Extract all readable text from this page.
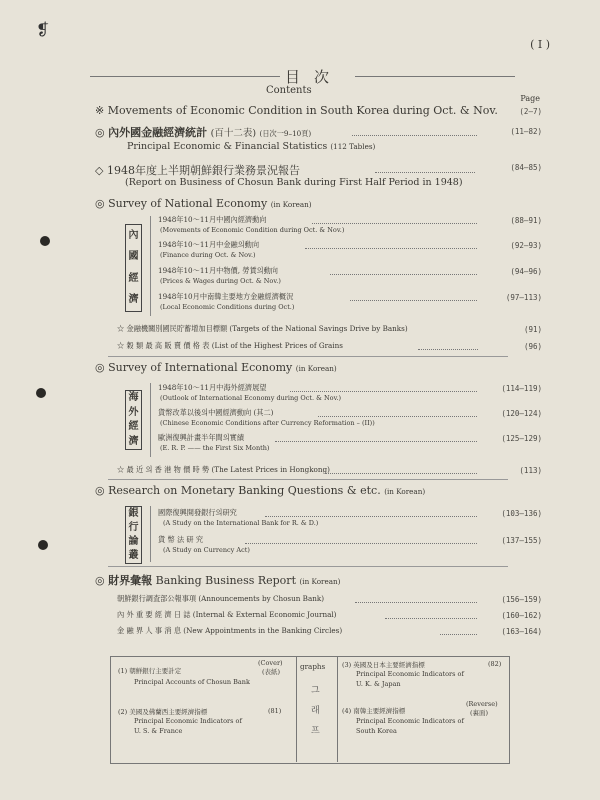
❡
( I )
目次
Contents
Page
※ Movements of Economic Condition in South Korea during Oct. & Nov.	(2–7)
◎ 內外國金融經濟統計 (百十二表) (日次一9–10頁)	(11–82)
Principal Economic & Financial Statistics (112 Tables)
◇ 1948年度上半期朝鮮銀行業務景況報告	(84–85)
(Report on Business of Chosun Bank during First Half Period in 1948)
◎ Survey of National Economy (in Korean)
內
國
經
濟
1948年10～11月中國內經濟動向	(88–91)
(Movements of Economic Condition during Oct. & Nov.)
1948年10～11月中金融의動向	(92–93)
(Finance during Oct. & Nov.)
1948年10～11月中物價, 勞賃의動向	(94–96)
(Prices & Wages during Oct. & Nov.)
1948年10月中南韓主要地方金融經濟概況	(97–113)
(Local Economic Conditions during Oct.)
☆ 金融機關別國民貯蓄增加目標額 (Targets of the National Savings Drive by Banks)	(91)
☆ 穀 類 最 高 販 賣 價 格 表 (List of the Highest Prices of Grains	(96)
◎ Survey of International Economy (in Korean)
海
外
經
濟
1948年10～11月中海外經濟展望	(114–119)
(Outlook of International Economy during Oct. & Nov.)
貨幣改革以後의中國經濟動向 (其二)	(120–124)
(Chinese Economic Conditions after Currency Reformation – (II))
歐洲復興計畫半年間의實績	(125–129)
(E. R. P. —— the First Six Month)
☆ 最 近 의 香 港 物 價 時 勢 (The Latest Prices in Hongkong)	(113)
◎ Research on Monetary Banking Questions & etc. (in Korean)
銀
行
論
叢
國際復興開發銀行의研究	(103–136)
(A Study on the International Bank for R. & D.)
貨 幣 法 研 究	(137–155)
(A Study on Currency Act)
◎ 財界彙報 Banking Business Report (in Korean)
朝鮮銀行調査部公報事項 (Announcements by Chosun Bank)	(156–159)
內 外 重 要 經 濟 日 誌 (Internal & External Economic Journal)	(160–162)
金 融 界 人 事 消 息 (New Appointments in the Banking Circles)	(163–164)
graphs
그
래
프
(1) 朝鮮銀行主要計定
(Cover)
(表紙)
Principal Accounts of Chosun Bank
(2) 美國及佛蘭西主要經濟指標	(81)
Principal Economic Indicators of
U. S. & France
(3) 英國及日本主要經濟指標	(82)
Principal Economic Indicators of
U. K. & Japan
(4) 南韓主要經濟指標
(Reverse)
(裏面)
Principal Economic Indicators of
South Korea
